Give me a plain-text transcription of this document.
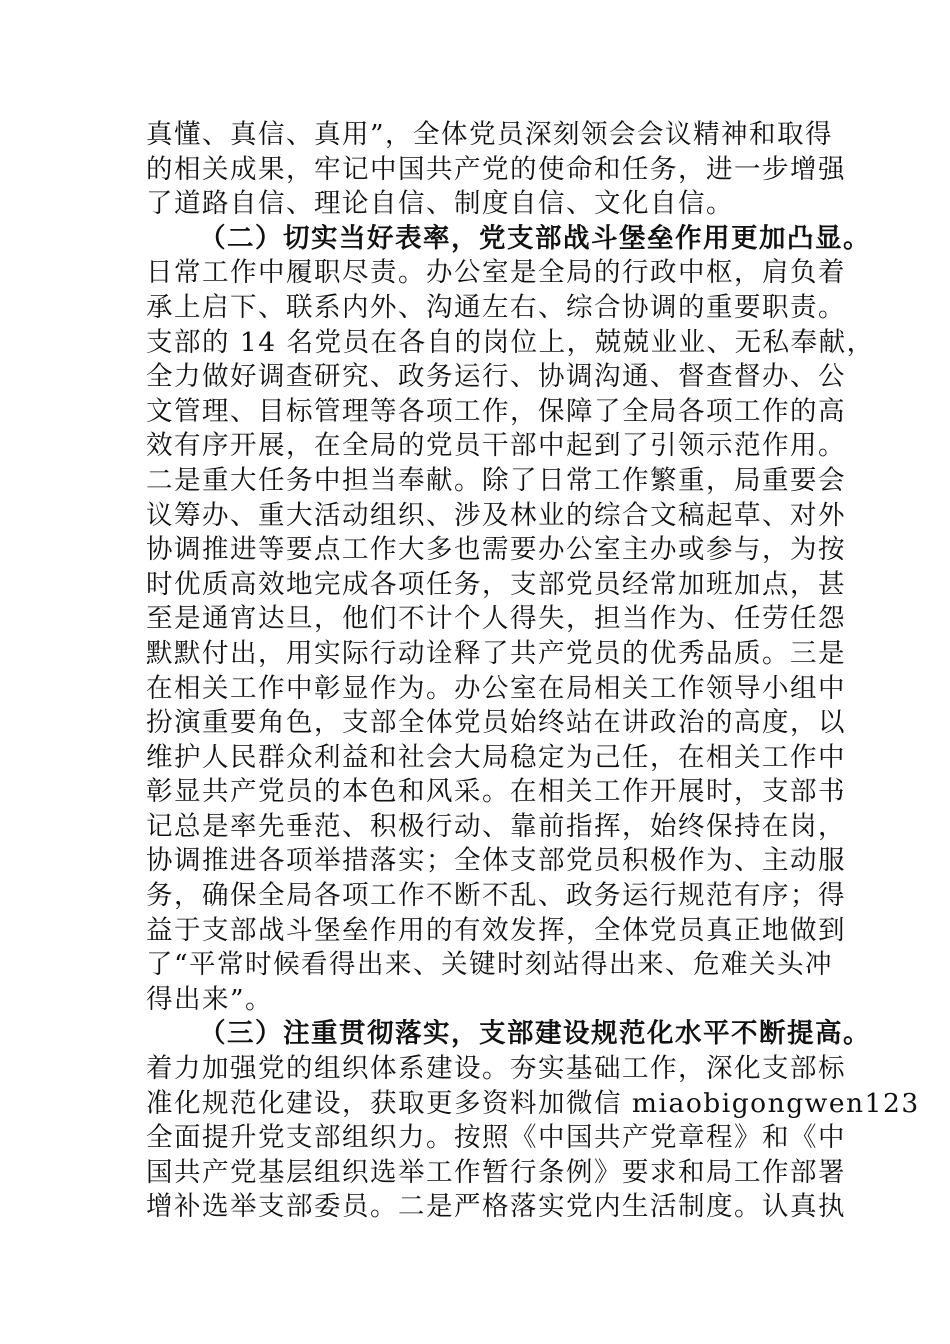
真懂、真信、真用”，全体党员深刻领会会议精神和取得
的相关成果，牢记中国共产党的使命和任务，进一步增强
了道路自信、理论自信、制度自信、文化自信。
（二）切实当好表率，党支部战斗堡垒作用更加凸显。
日常工作中履职尽责。办公室是全局的行政中枢，肩负着
承上启下、联系内外、沟通左右、综合协调的重要职责。
支部的 14 名党员在各自的岗位上，兢兢业业、无私奉献，
全力做好调查研究、政务运行、协调沟通、督查督办、公
文管理、目标管理等各项工作，保障了全局各项工作的高
效有序开展，在全局的党员干部中起到了引领示范作用。
二是重大任务中担当奉献。除了日常工作繁重，局重要会
议筹办、重大活动组织、涉及林业的综合文稿起草、对外
协调推进等要点工作大多也需要办公室主办或参与，为按
时优质高效地完成各项任务，支部党员经常加班加点，甚
至是通宵达旦，他们不计个人得失，担当作为、任劳任怨
默默付出，用实际行动诠释了共产党员的优秀品质。三是
在相关工作中彰显作为。办公室在局相关工作领导小组中
扮演重要角色，支部全体党员始终站在讲政治的高度，以
维护人民群众利益和社会大局稳定为己任，在相关工作中
彰显共产党员的本色和风采。在相关工作开展时，支部书
记总是率先垂范、积极行动、靠前指挥，始终保持在岗，
协调推进各项举措落实；全体支部党员积极作为、主动服
务，确保全局各项工作不断不乱、政务运行规范有序；得
益于支部战斗堡垒作用的有效发挥，全体党员真正地做到
了“平常时候看得出来、关键时刻站得出来、危难关头冲
得出来”。
（三）注重贯彻落实，支部建设规范化水平不断提高。
着力加强党的组织体系建设。夯实基础工作，深化支部标
准化规范化建设，获取更多资料加微信 miaobigongwen123
全面提升党支部组织力。按照《中国共产党章程》和《中
国共产党基层组织选举工作暂行条例》要求和局工作部署
增补选举支部委员。二是严格落实党内生活制度。认真执
